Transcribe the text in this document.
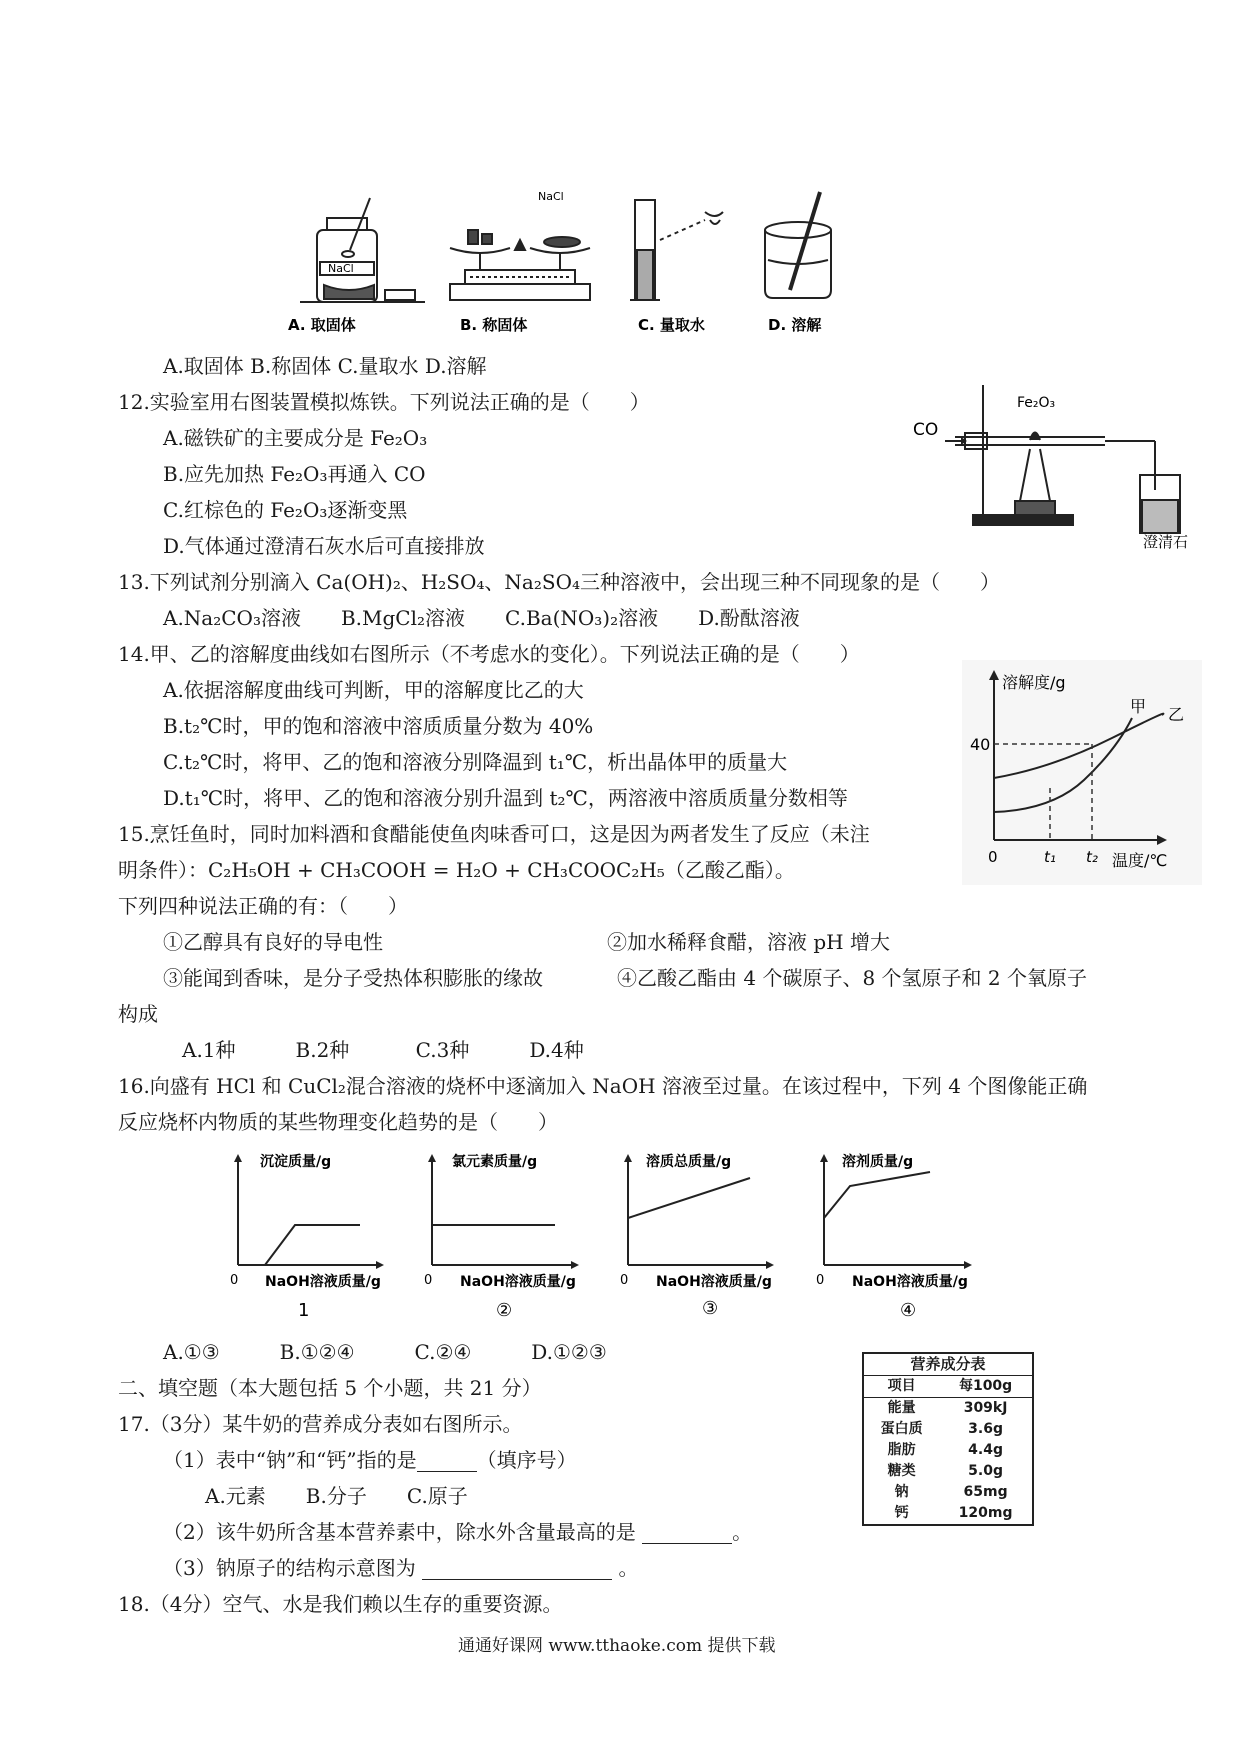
NaCl
NaCl
A. 取固体	B. 称固体	C. 量取水	D. 溶解
A.取固体 B.称固体 C.量取水 D.溶解
12.实验室用右图装置模拟炼铁。下列说法正确的是（　　）
A.磁铁矿的主要成分是 Fe₂O₃
B.应先加热 Fe₂O₃再通入 CO
C.红棕色的 Fe₂O₃逐渐变黑
D.气体通过澄清石灰水后可直接排放
CO
Fe₂O₃
澄清石
13.下列试剂分别滴入 Ca(OH)₂、H₂SO₄、Na₂SO₄三种溶液中，会出现三种不同现象的是（　　）
A.Na₂CO₃溶液　　B.MgCl₂溶液　　C.Ba(NO₃)₂溶液　　D.酚酞溶液
14.甲、乙的溶解度曲线如右图所示（不考虑水的变化）。下列说法正确的是（　　）
A.依据溶解度曲线可判断，甲的溶解度比乙的大
B.t₂℃时，甲的饱和溶液中溶质质量分数为 40%
C.t₂℃时，将甲、乙的饱和溶液分别降温到 t₁℃，析出晶体甲的质量大
D.t₁℃时，将甲、乙的饱和溶液分别升温到 t₂℃，两溶液中溶质质量分数相等
溶解度/g
40
0	t₁ t₂ 温度/℃
甲 乙
15.烹饪鱼时，同时加料酒和食醋能使鱼肉味香可口，这是因为两者发生了反应（未注
明条件）：C₂H₅OH + CH₃COOH = H₂O + CH₃COOC₂H₅（乙酸乙酯）。
下列四种说法正确的有：（　　）
①乙醇具有良好的导电性	②加水稀释食醋，溶液 pH 增大
③能闻到香味，是分子受热体积膨胀的缘故	④乙酸乙酯由 4 个碳原子、8 个氢原子和 2 个氧原子
构成
A.1种　　　B.2种　　　 C.3种　　　D.4种
16.向盛有 HCl 和 CuCl₂混合溶液的烧杯中逐滴加入 NaOH 溶液至过量。在该过程中，下列 4 个图像能正确
反应烧杯内物质的某些物理变化趋势的是（　　）
沉淀质量/g	氯元素质量/g	溶质总质量/g	溶剂质量/g
0	0	0	0
NaOH溶液质量/g	NaOH溶液质量/g	NaOH溶液质量/g	NaOH溶液质量/g
1	②	③	④
A.①③　　　B.①②④　　　C.②④　　　D.①②③
二、填空题（本大题包括 5 个小题，共 21 分）
17.（3分）某牛奶的营养成分表如右图所示。
（1）表中“钠”和“钙”指的是	（填序号）
A.元素　　B.分子　　C.原子
（2）该牛奶所含基本营养素中，除水外含量最高的是	。
（3）钠原子的结构示意图为	。
营养成分表	
项目	每100g
能量	309kJ
蛋白质	3.6g
脂肪	4.4g
糖类	5.0g
钠	65mg
钙	120mg
18.（4分）空气、水是我们赖以生存的重要资源。
通通好课网 www.tthaoke.com 提供下载
